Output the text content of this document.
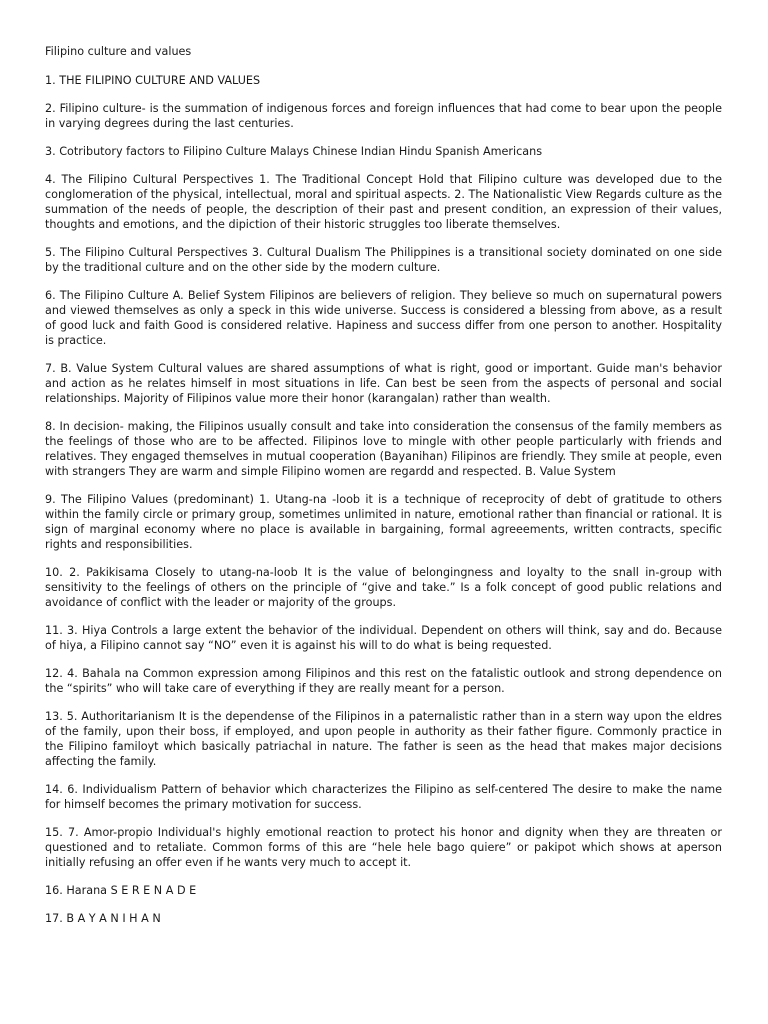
Filipino culture and values

1. THE FILIPINO CULTURE AND VALUES

2. Filipino culture- is the summation of indigenous forces and foreign influences that had come to bear upon the people in varying degrees during the last centuries.

3. Cotributory factors to Filipino Culture Malays Chinese Indian Hindu Spanish Americans

4. The Filipino Cultural Perspectives 1. The Traditional Concept Hold that Filipino culture was developed due to the conglomeration of the physical, intellectual, moral and spiritual aspects. 2. The Nationalistic View Regards culture as the summation of the needs of people, the description of their past and present condition, an expression of their values, thoughts and emotions, and the dipiction of their historic struggles too liberate themselves.

5. The Filipino Cultural Perspectives 3. Cultural Dualism The Philippines is a transitional society dominated on one side by the traditional culture and on the other side by the modern culture.

6. The Filipino Culture A. Belief System Filipinos are believers of religion. They believe so much on supernatural powers and viewed themselves as only a speck in this wide universe. Success is considered a blessing from above, as a result of good luck and faith Good is considered relative. Hapiness and success differ from one person to another. Hospitality is practice.

7. B. Value System Cultural values are shared assumptions of what is right, good or important. Guide man's behavior and action as he relates himself in most situations in life. Can best be seen from the aspects of personal and social relationships. Majority of Filipinos value more their honor (karangalan) rather than wealth.

8. In decision- making, the Filipinos usually consult and take into consideration the consensus of the family members as the feelings of those who are to be affected. Filipinos love to mingle with other people particularly with friends and relatives. They engaged themselves in mutual cooperation (Bayanihan) Filipinos are friendly. They smile at people, even with strangers They are warm and simple Filipino women are regardd and respected. B. Value System

9. The Filipino Values (predominant) 1. Utang-na -loob it is a technique of receprocity of debt of gratitude to others within the family circle or primary group, sometimes unlimited in nature, emotional rather than financial or rational. It is sign of marginal economy where no place is available in bargaining, formal agreeements, written contracts, specific rights and responsibilities.

10. 2. Pakikisama Closely to utang-na-loob It is the value of belongingness and loyalty to the snall in-group with sensitivity to the feelings of others on the principle of “give and take.” Is a folk concept of good public relations and avoidance of conflict with the leader or majority of the groups.

11. 3. Hiya Controls a large extent the behavior of the individual. Dependent on others will think, say and do. Because of hiya, a Filipino cannot say “NO” even it is against his will to do what is being requested.

12. 4. Bahala na Common expression among Filipinos and this rest on the fatalistic outlook and strong dependence on the “spirits” who will take care of everything if they are really meant for a person.

13. 5. Authoritarianism It is the dependense of the Filipinos in a paternalistic rather than in a stern way upon the eldres of the family, upon their boss, if employed, and upon people in authority as their father figure. Commonly practice in the Filipino familoyt which basically patriachal in nature. The father is seen as the head that makes major decisions affecting the family.

14. 6. Individualism Pattern of behavior which characterizes the Filipino as self-centered The desire to make the name for himself becomes the primary motivation for success.

15. 7. Amor-propio Individual's highly emotional reaction to protect his honor and dignity when they are threaten or questioned and to retaliate. Common forms of this are “hele hele bago quiere” or pakipot which shows at aperson initially refusing an offer even if he wants very much to accept it.

16. Harana S E R E N A D E

17. B A Y A N I H A N
